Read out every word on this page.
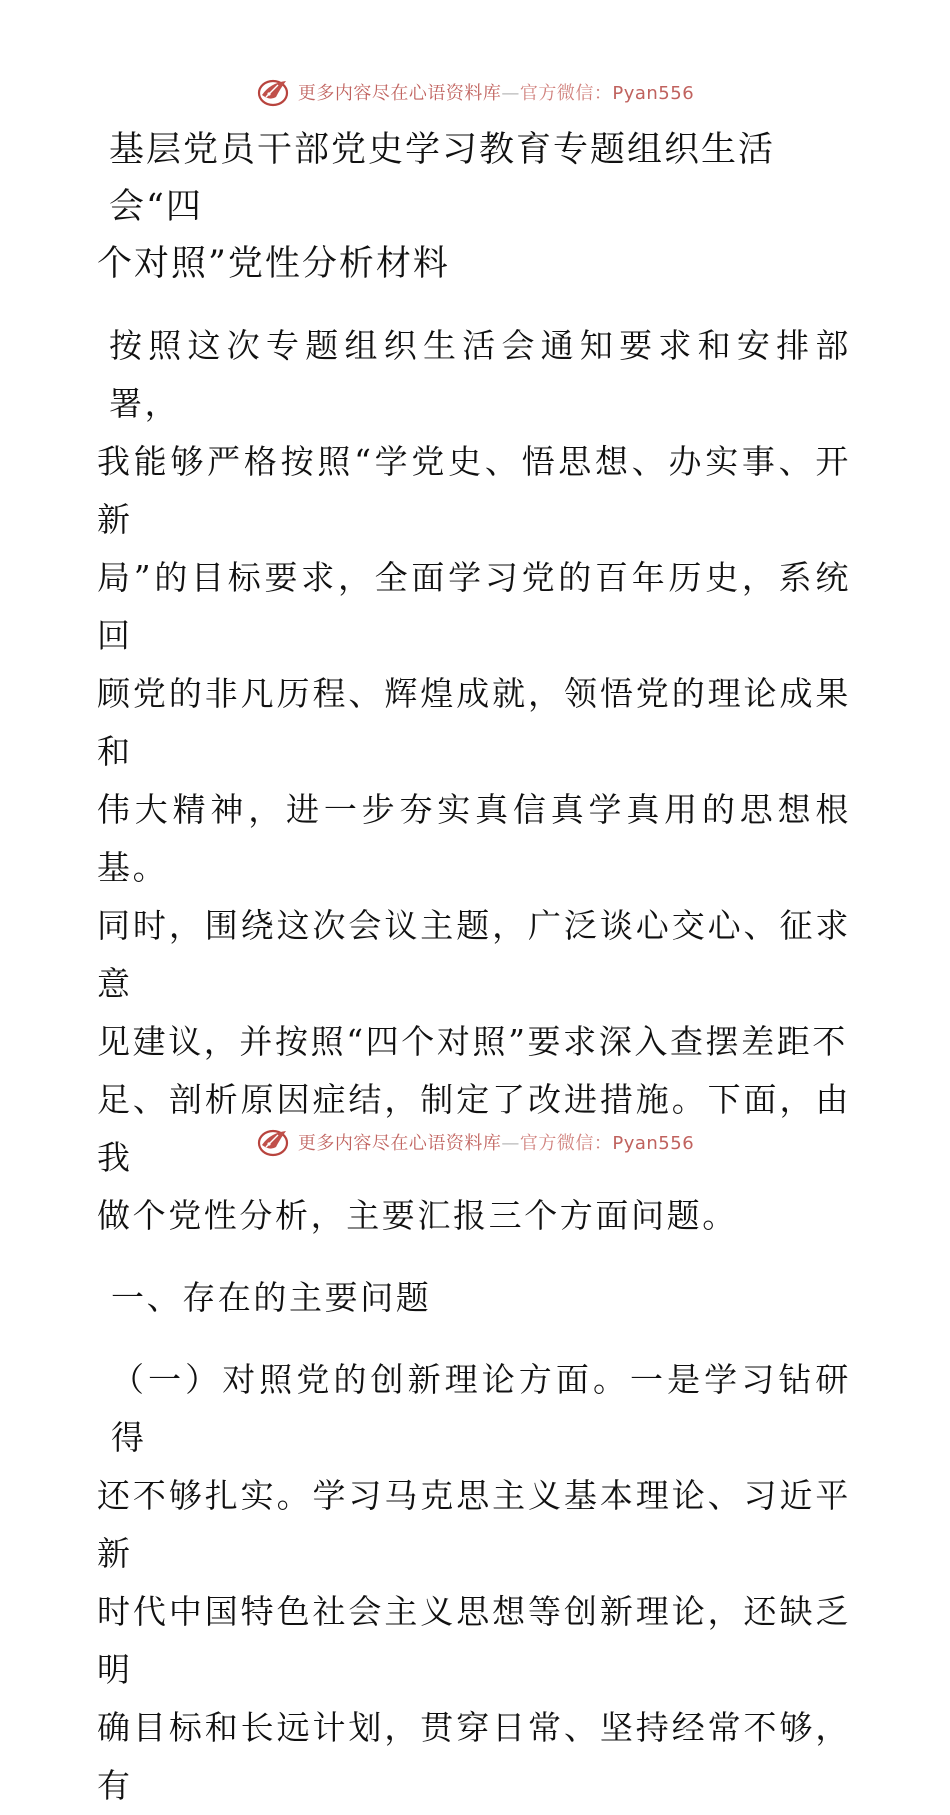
更多内容尽在心语资料库—官方微信：Pyan556
基层党员干部党史学习教育专题组织生活会“四
个对照”党性分析材料
按照这次专题组织生活会通知要求和安排部署，
我能够严格按照“学党史、悟思想、办实事、开新
局”的目标要求，全面学习党的百年历史，系统回
顾党的非凡历程、辉煌成就，领悟党的理论成果和
伟大精神，进一步夯实真信真学真用的思想根基。
同时，围绕这次会议主题，广泛谈心交心、征求意
见建议，并按照“四个对照”要求深入查摆差距不
足、剖析原因症结，制定了改进措施。下面，由我
做个党性分析，主要汇报三个方面问题。
一、存在的主要问题
（一）对照党的创新理论方面。一是学习钻研得
还不够扎实。学习马克思主义基本理论、习近平新
时代中国特色社会主义思想等创新理论，还缺乏明
确目标和长远计划，贯穿日常、坚持经常不够，有
更多内容尽在心语资料库—官方微信：Pyan556
